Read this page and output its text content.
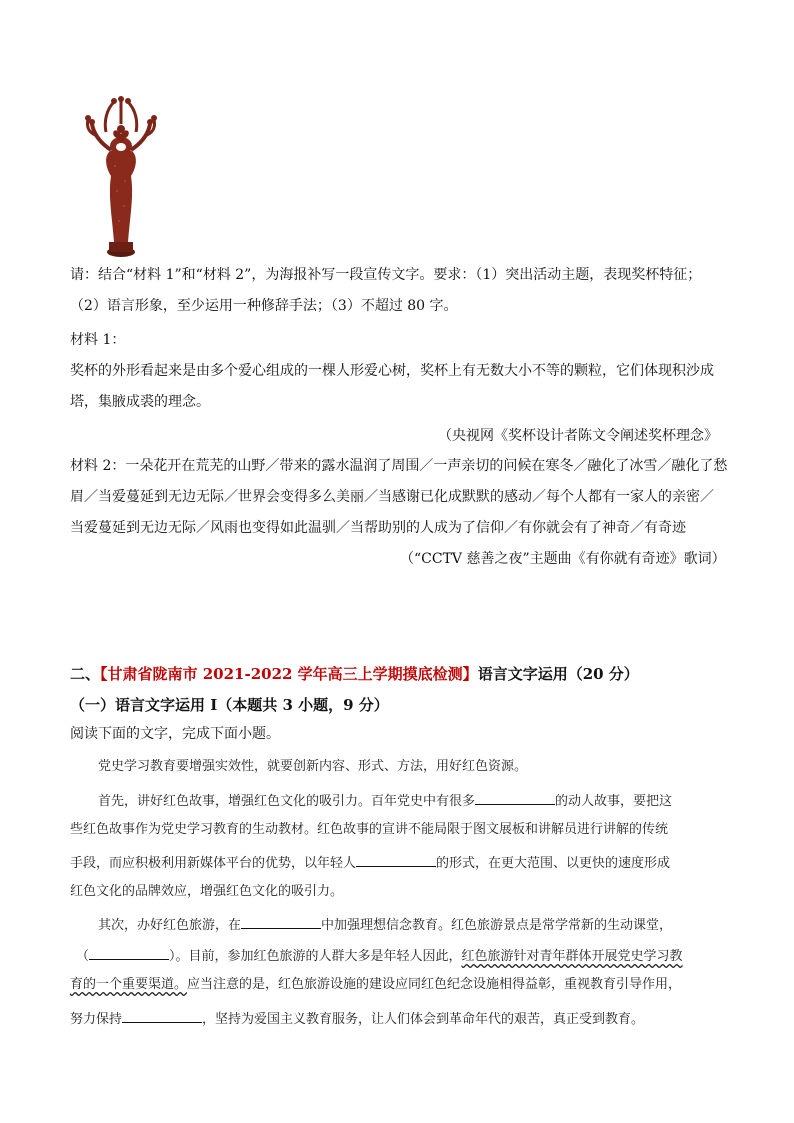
请：结合“材料 1”和“材料 2”，为海报补写一段宣传文字。要求：（1）突出活动主题，表现奖杯特征；
（2）语言形象，至少运用一种修辞手法；（3）不超过 80 字。
材料 1：
奖杯的外形看起来是由多个爱心组成的一棵人形爱心树，奖杯上有无数大小不等的颗粒，它们体现积沙成
塔，集腋成裘的理念。
（央视网《奖杯设计者陈文令阐述奖杯理念》
材料 2：一朵花开在荒芜的山野／带来的露水温润了周围／一声亲切的问候在寒冬／融化了冰雪／融化了愁
眉／当爱蔓延到无边无际／世界会变得多么美丽／当感谢已化成默默的感动／每个人都有一家人的亲密／
当爱蔓延到无边无际／风雨也变得如此温驯／当帮助别的人成为了信仰／有你就会有了神奇／有奇迹
（“CCTV 慈善之夜”主题曲《有你就有奇迹》歌词）
二、【甘肃省陇南市 2021-2022 学年高三上学期摸底检测】语言文字运用（20 分）
（一）语言文字运用 I（本题共 3 小题，9 分）
阅读下面的文字，完成下面小题。
党史学习教育要增强实效性，就要创新内容、形式、方法，用好红色资源。
首先，讲好红色故事，增强红色文化的吸引力。百年党史中有很多	的动人故事，要把这
些红色故事作为党史学习教育的生动教材。红色故事的宣讲不能局限于图文展板和讲解员进行讲解的传统
手段，而应积极利用新媒体平台的优势，以年轻人	的形式，在更大范围、以更快的速度形成
红色文化的品牌效应，增强红色文化的吸引力。
其次，办好红色旅游，在	中加强理想信念教育。红色旅游景点是常学常新的生动课堂，
（	）。目前，参加红色旅游的人群大多是年轻人因此，红色旅游针对青年群体开展党史学习教
育的一个重要渠道。应当注意的是，红色旅游设施的建设应同红色纪念设施相得益彰，重视教育引导作用，
努力保持	，坚持为爱国主义教育服务，让人们体会到革命年代的艰苦，真正受到教育。
